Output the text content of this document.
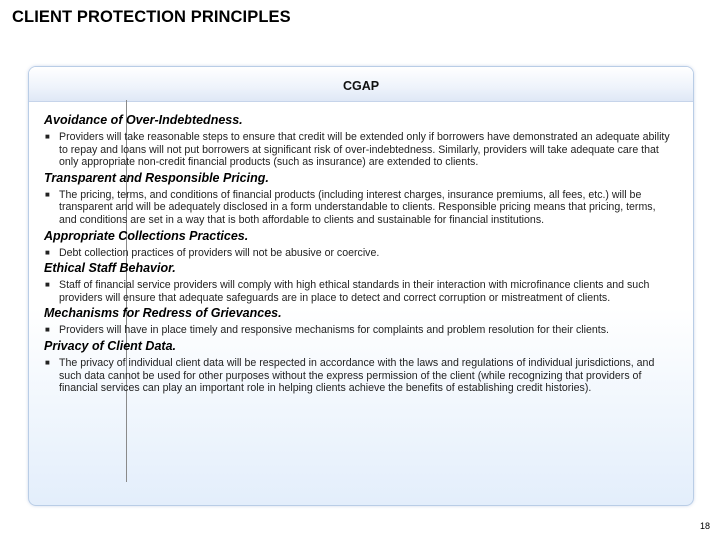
CLIENT PROTECTION PRINCIPLES
CGAP

Avoidance of Over-Indebtedness.

■ Providers will take reasonable steps to ensure that credit will be extended only if borrowers have demonstrated an adequate ability to repay and loans will not put borrowers at significant risk of over-indebtedness. Similarly, providers will take adequate care that only appropriate non-credit financial products (such as insurance) are extended to clients.

Transparent and Responsible Pricing.

■ The pricing, terms, and conditions of financial products (including interest charges, insurance premiums, all fees, etc.) will be transparent and will be adequately disclosed in a form understandable to clients. Responsible pricing means that pricing, terms, and conditions are set in a way that is both affordable to clients and sustainable for financial institutions.

Appropriate Collections Practices.

■ Debt collection practices of providers will not be abusive or coercive.

Ethical Staff Behavior.

■ Staff of financial service providers will comply with high ethical standards in their interaction with microfinance clients and such providers will ensure that adequate safeguards are in place to detect and correct corruption or mistreatment of clients.

Mechanisms for Redress of Grievances.

■ Providers will have in place timely and responsive mechanisms for complaints and problem resolution for their clients.

Privacy of Client Data.

■ The privacy of individual client data will be respected in accordance with the laws and regulations of individual jurisdictions, and such data cannot be used for other purposes without the express permission of the client (while recognizing that providers of financial services can play an important role in helping clients achieve the benefits of establishing credit histories).
18
